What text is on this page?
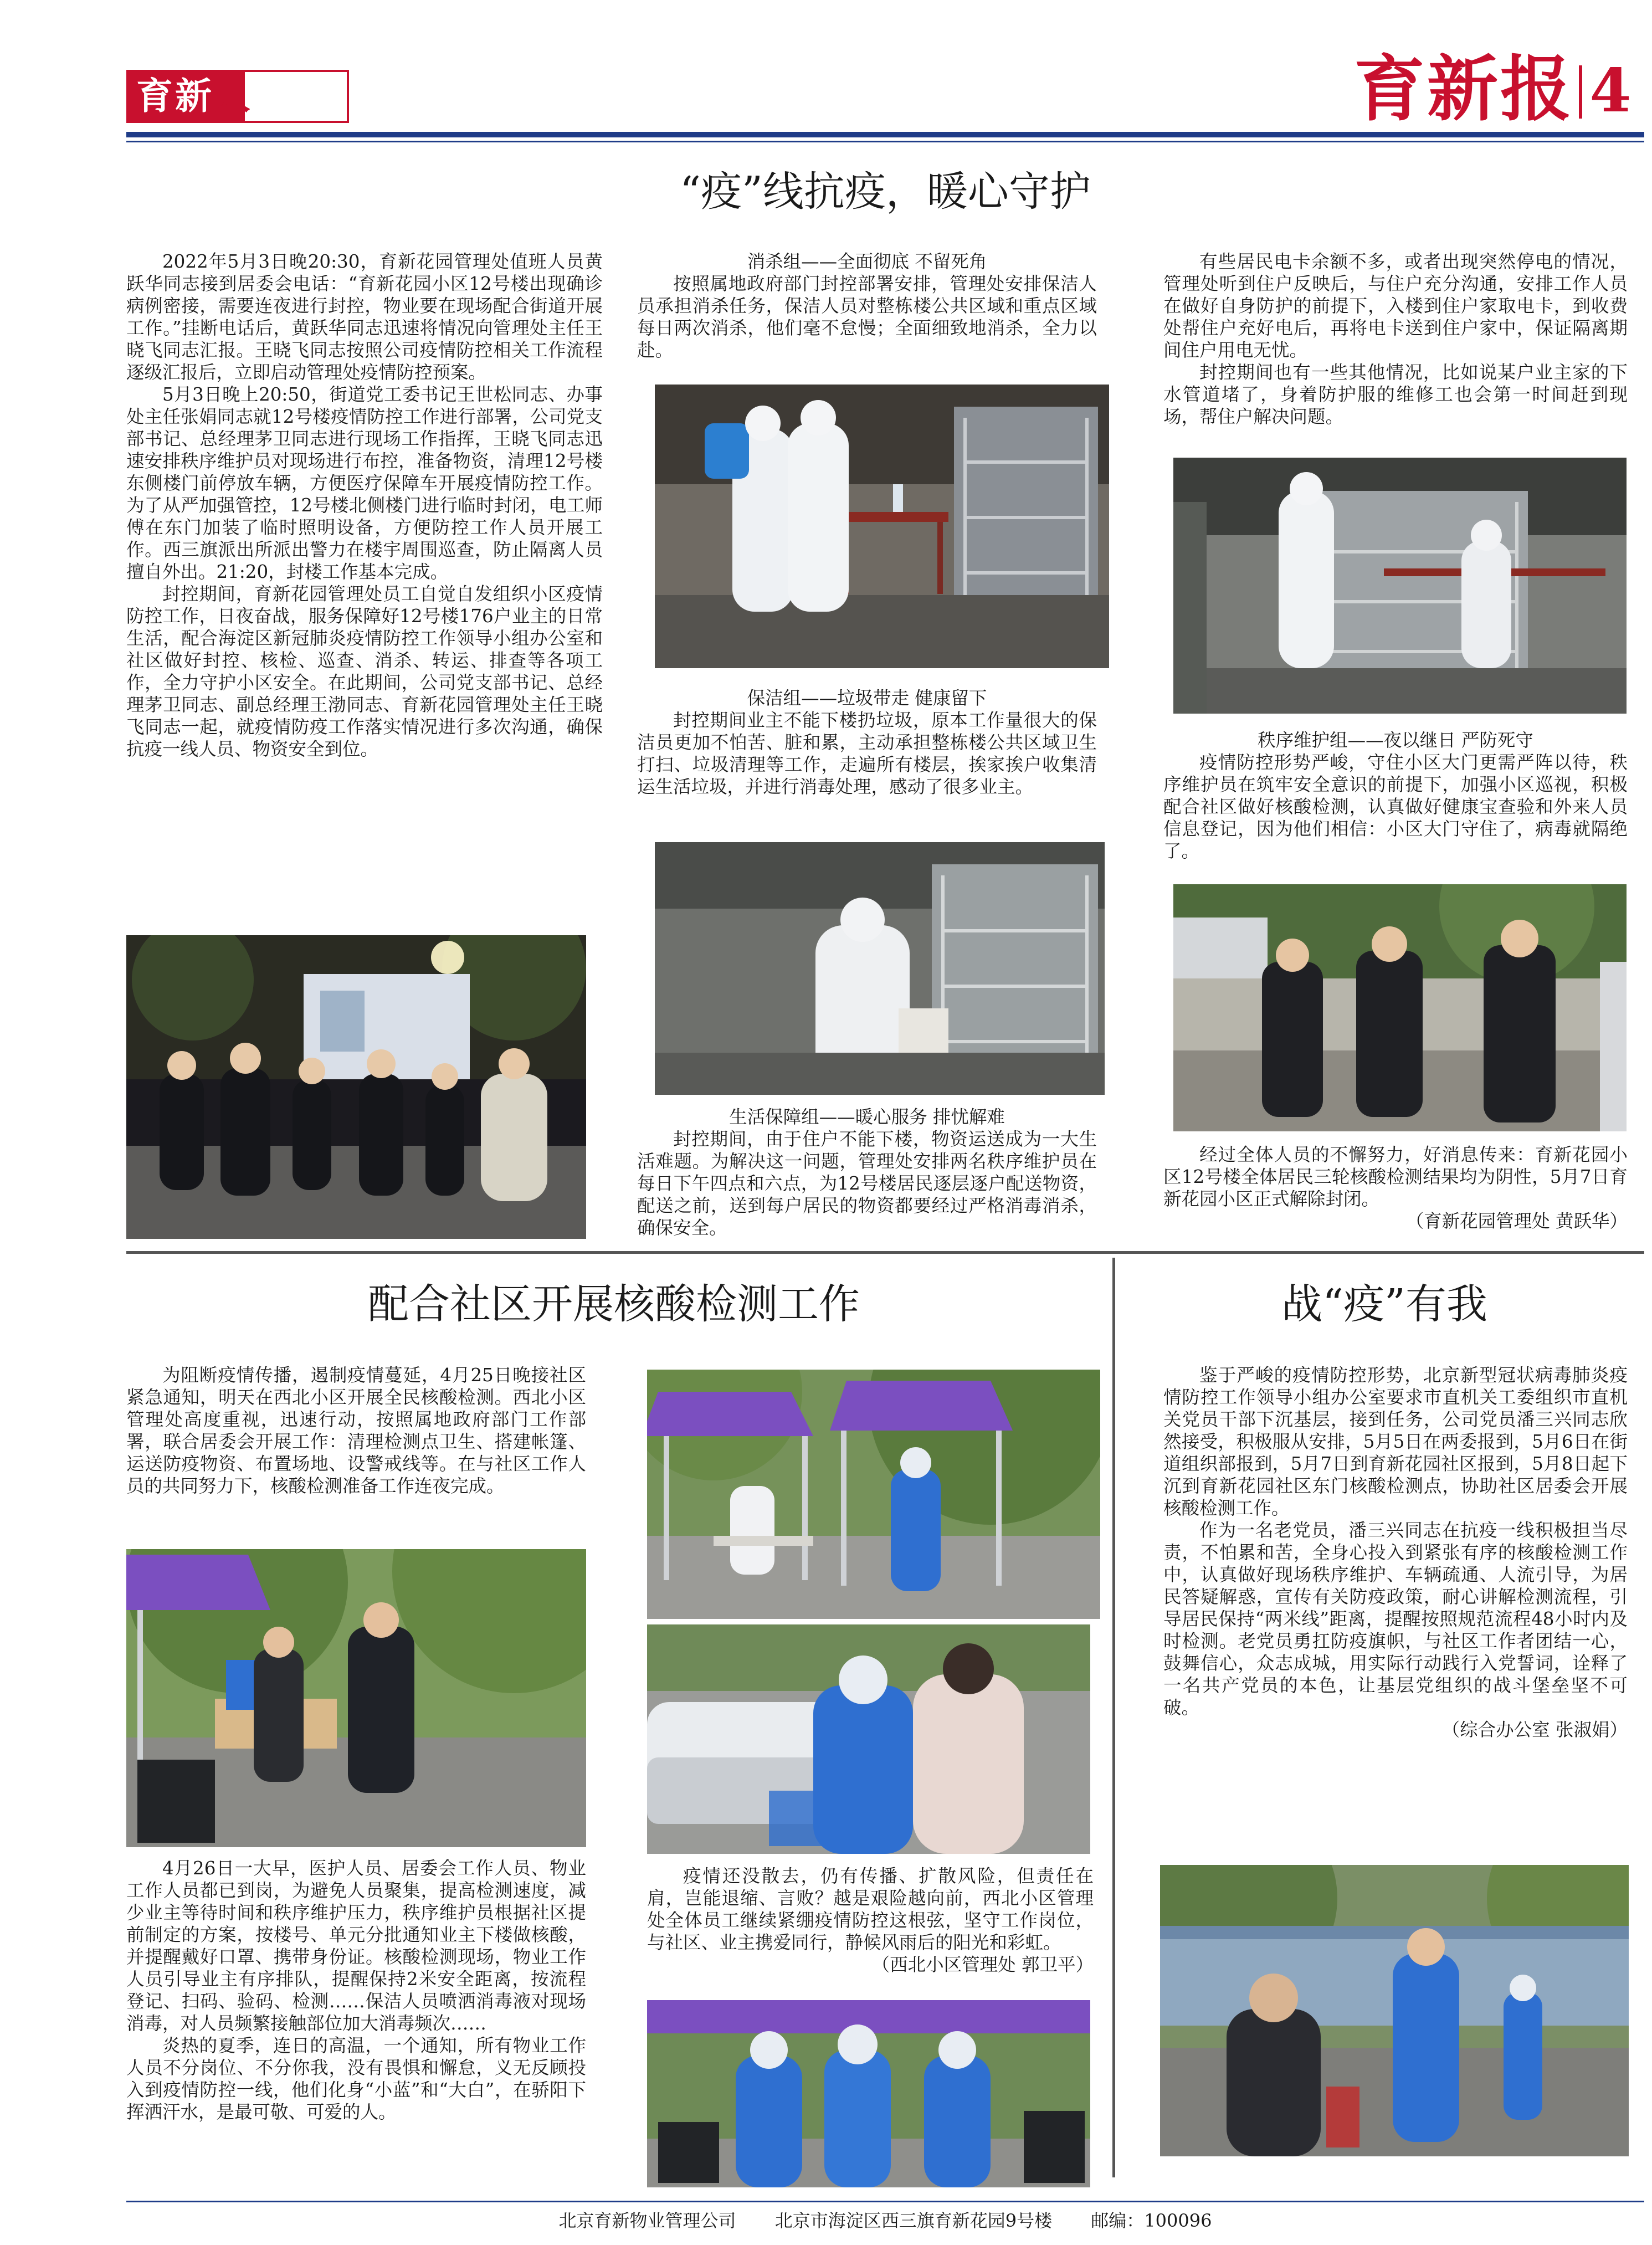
育新人	育新报 4
“疫”线抗疫，暖心守护

2022年5月3日晚20:30，育新花园管理处值班人员黄跃华同志接到居委会电话：“育新花园小区12号楼出现确诊病例密接，需要连夜进行封控，物业要在现场配合街道开展工作。”挂断电话后，黄跃华同志迅速将情况向管理处主任王晓飞同志汇报。王晓飞同志按照公司疫情防控相关工作流程逐级汇报后，立即启动管理处疫情防控预案。

5月3日晚上20:50，街道党工委书记王世松同志、办事处主任张娟同志就12号楼疫情防控工作进行部署，公司党支部书记、总经理茅卫同志进行现场工作指挥，王晓飞同志迅速安排秩序维护员对现场进行布控，准备物资，清理12号楼东侧楼门前停放车辆，方便医疗保障车开展疫情防控工作。为了从严加强管控，12号楼北侧楼门进行临时封闭，电工师傅在东门加装了临时照明设备，方便防控工作人员开展工作。西三旗派出所派出警力在楼宇周围巡查，防止隔离人员擅自外出。21:20，封楼工作基本完成。

封控期间，育新花园管理处员工自觉自发组织小区疫情防控工作，日夜奋战，服务保障好12号楼176户业主的日常生活，配合海淀区新冠肺炎疫情防控工作领导小组办公室和社区做好封控、核检、巡查、消杀、转运、排查等各项工作，全力守护小区安全。在此期间，公司党支部书记、总经理茅卫同志、副总经理王渤同志、育新花园管理处主任王晓飞同志一起，就疫情防疫工作落实情况进行多次沟通，确保抗疫一线人员、物资安全到位。

消杀组——全面彻底 不留死角

按照属地政府部门封控部署安排，管理处安排保洁人员承担消杀任务，保洁人员对整栋楼公共区域和重点区域每日两次消杀，他们毫不怠慢；全面细致地消杀，全力以赴。

保洁组——垃圾带走 健康留下

封控期间业主不能下楼扔垃圾，原本工作量很大的保洁员更加不怕苦、脏和累，主动承担整栋楼公共区域卫生打扫、垃圾清理等工作，走遍所有楼层，挨家挨户收集清运生活垃圾，并进行消毒处理，感动了很多业主。

生活保障组——暖心服务 排忧解难

封控期间，由于住户不能下楼，物资运送成为一大生活难题。为解决这一问题，管理处安排两名秩序维护员在每日下午四点和六点，为12号楼居民逐层逐户配送物资，配送之前，送到每户居民的物资都要经过严格消毒消杀，确保安全。

有些居民电卡余额不多，或者出现突然停电的情况，管理处听到住户反映后，与住户充分沟通，安排工作人员在做好自身防护的前提下，入楼到住户家取电卡，到收费处帮住户充好电后，再将电卡送到住户家中，保证隔离期间住户用电无忧。

封控期间也有一些其他情况，比如说某户业主家的下水管道堵了，身着防护服的维修工也会第一时间赶到现场，帮住户解决问题。

秩序维护组——夜以继日 严防死守

疫情防控形势严峻，守住小区大门更需严阵以待，秩序维护员在筑牢安全意识的前提下，加强小区巡视，积极配合社区做好核酸检测，认真做好健康宝查验和外来人员信息登记，因为他们相信：小区大门守住了，病毒就隔绝了。

经过全体人员的不懈努力，好消息传来：育新花园小区12号楼全体居民三轮核酸检测结果均为阴性，5月7日育新花园小区正式解除封闭。

（育新花园管理处 黄跃华）

配合社区开展核酸检测工作

为阻断疫情传播，遏制疫情蔓延，4月25日晚接社区紧急通知，明天在西北小区开展全民核酸检测。西北小区管理处高度重视，迅速行动，按照属地政府部门工作部署，联合居委会开展工作：清理检测点卫生、搭建帐篷、运送防疫物资、布置场地、设警戒线等。在与社区工作人员的共同努力下，核酸检测准备工作连夜完成。

4月26日一大早，医护人员、居委会工作人员、物业工作人员都已到岗，为避免人员聚集，提高检测速度，减少业主等待时间和秩序维护压力，秩序维护员根据社区提前制定的方案，按楼号、单元分批通知业主下楼做核酸，并提醒戴好口罩、携带身份证。核酸检测现场，物业工作人员引导业主有序排队，提醒保持2米安全距离，按流程登记、扫码、验码、检测……保洁人员喷洒消毒液对现场消毒，对人员频繁接触部位加大消毒频次……

炎热的夏季，连日的高温，一个通知，所有物业工作人员不分岗位、不分你我，没有畏惧和懈怠，义无反顾投入到疫情防控一线，他们化身“小蓝”和“大白”，在骄阳下挥洒汗水，是最可敬、可爱的人。

疫情还没散去，仍有传播、扩散风险，但责任在肩，岂能退缩、言败？越是艰险越向前，西北小区管理处全体员工继续紧绷疫情防控这根弦，坚守工作岗位，与社区、业主携爱同行，静候风雨后的阳光和彩虹。

（西北小区管理处 郭卫平）

战“疫”有我

鉴于严峻的疫情防控形势，北京新型冠状病毒肺炎疫情防控工作领导小组办公室要求市直机关工委组织市直机关党员干部下沉基层，接到任务，公司党员潘三兴同志欣然接受，积极服从安排，5月5日在两委报到，5月6日在街道组织部报到，5月7日到育新花园社区报到，5月8日起下沉到育新花园社区东门核酸检测点，协助社区居委会开展核酸检测工作。

作为一名老党员，潘三兴同志在抗疫一线积极担当尽责，不怕累和苦，全身心投入到紧张有序的核酸检测工作中，认真做好现场秩序维护、车辆疏通、人流引导，为居民答疑解惑，宣传有关防疫政策，耐心讲解检测流程，引导居民保持“两米线”距离，提醒按照规范流程48小时内及时检测。老党员勇扛防疫旗帜，与社区工作者团结一心，鼓舞信心，众志成城，用实际行动践行入党誓词，诠释了一名共产党员的本色，让基层党组织的战斗堡垒坚不可破。

（综合办公室 张淑娟）

北京育新物业管理公司 北京市海淀区西三旗育新花园9号楼 邮编：100096
